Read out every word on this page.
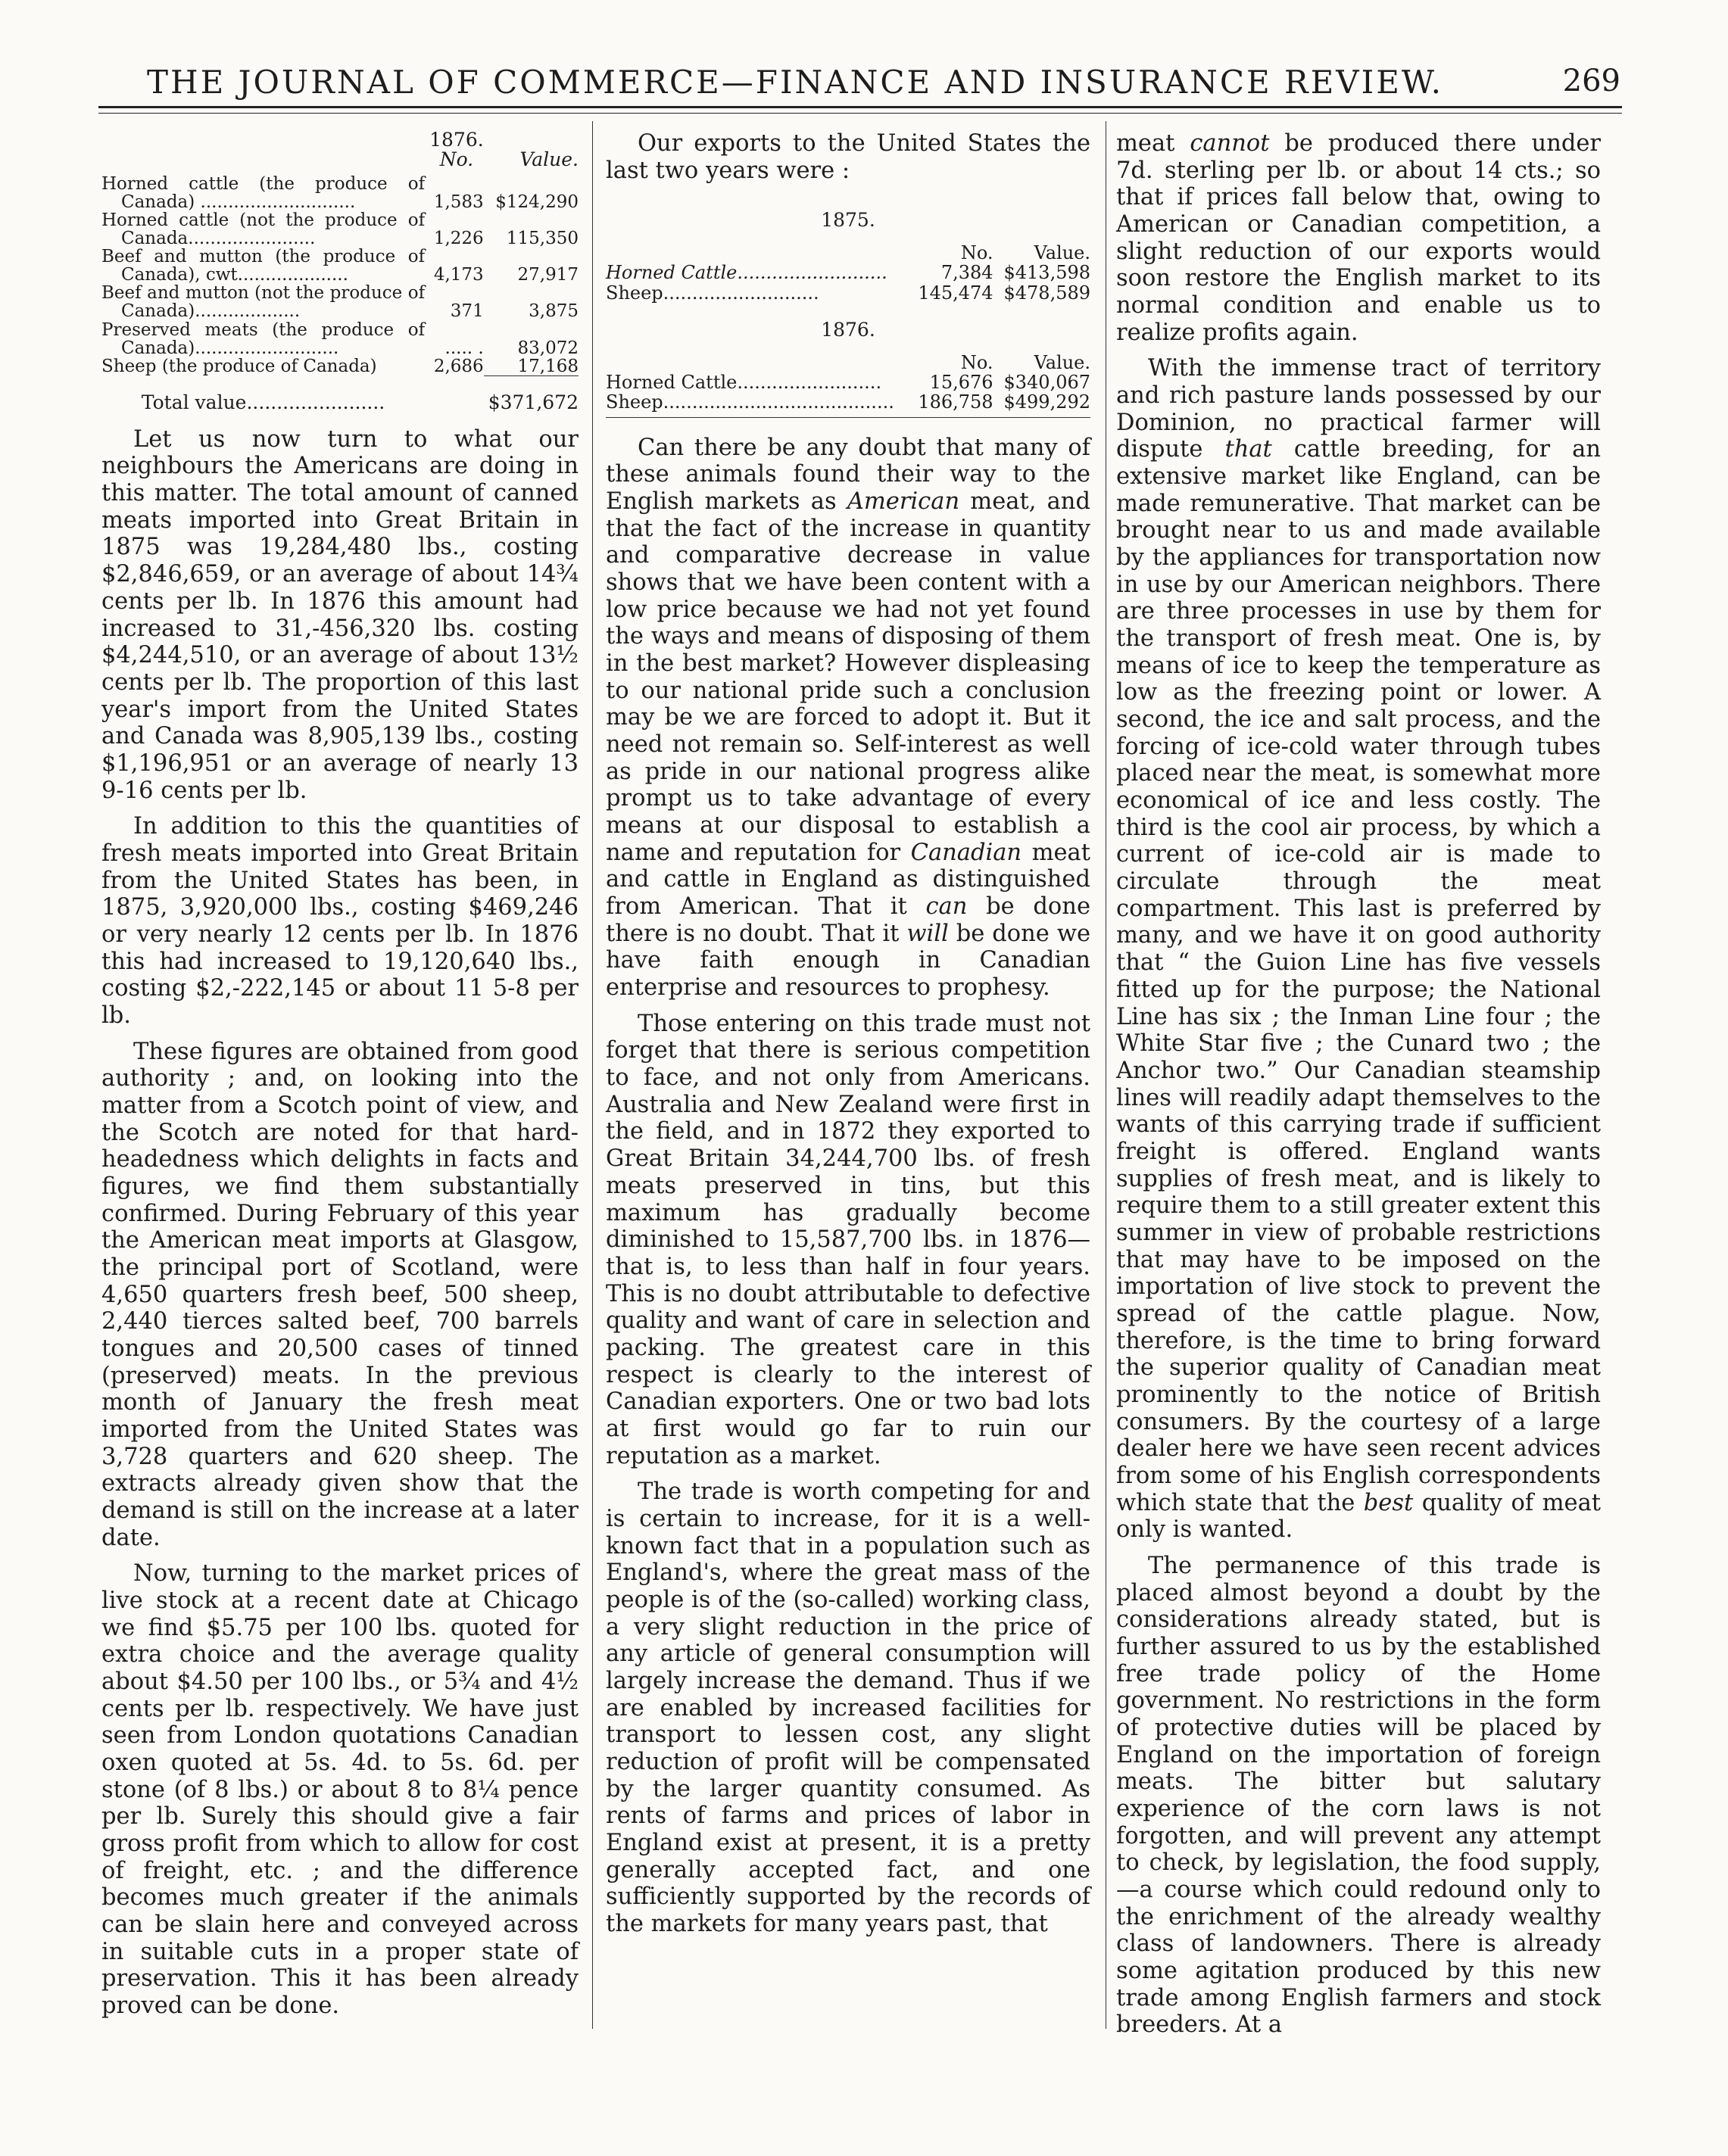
THE JOURNAL OF COMMERCE—FINANCE AND INSURANCE REVIEW.	269

	1876.
No.	Value.
Horned cattle (the produce of Canada) ............................	1,583	$124,290
Horned cattle (not the produce of Canada.......................	1,226	115,350
Beef and mutton (the produce of Canada), cwt....................	4,173	27,917
Beef and mutton (not the produce of Canada)...................	371	3,875
Preserved meats (the produce of Canada)..........................	..... .	83,072
Sheep (the produce of Canada)	2,686	17,168
Total value.......................		$371,672

Let us now turn to what our neighbours the Americans are doing in this matter. The total amount of canned meats imported into Great Britain in 1875 was 19,284,480 lbs., costing $2,846,659, or an average of about 14¾ cents per lb. In 1876 this amount had increased to 31,-456,320 lbs. costing $4,244,510, or an average of about 13½ cents per lb. The proportion of this last year's import from the United States and Canada was 8,905,139 lbs., costing $1,196,951 or an average of nearly 13 9-16 cents per lb.

In addition to this the quantities of fresh meats imported into Great Britain from the United States has been, in 1875, 3,920,000 lbs., costing $469,246 or very nearly 12 cents per lb. In 1876 this had increased to 19,120,640 lbs., costing $2,-222,145 or about 11 5-8 per lb.

These figures are obtained from good authority ; and, on looking into the matter from a Scotch point of view, and the Scotch are noted for that hard-headedness which delights in facts and figures, we find them substantially confirmed. During February of this year the American meat imports at Glasgow, the principal port of Scotland, were 4,650 quarters fresh beef, 500 sheep, 2,440 tierces salted beef, 700 barrels tongues and 20,500 cases of tinned (preserved) meats. In the previous month of January the fresh meat imported from the United States was 3,728 quarters and 620 sheep. The extracts already given show that the demand is still on the increase at a later date.

Now, turning to the market prices of live stock at a recent date at Chicago we find $5.75 per 100 lbs. quoted for extra choice and the average quality about $4.50 per 100 lbs., or 5¾ and 4½ cents per lb. respectively. We have just seen from London quotations Canadian oxen quoted at 5s. 4d. to 5s. 6d. per stone (of 8 lbs.) or about 8 to 8¼ pence per lb. Surely this should give a fair gross profit from which to allow for cost of freight, etc. ; and the difference becomes much greater if the animals can be slain here and conveyed across in suitable cuts in a proper state of preservation. This it has been already proved can be done.

Our exports to the United States the last two years were :

1875.		
	No.	Value.
Horned Cattle..........................	7,384	$413,598
Sheep...........................	145,474	$478,589
1876.		
	No.	Value.
Horned Cattle.........................	15,676	$340,067
Sheep........................................	186,758	$499,292

Can there be any doubt that many of these animals found their way to the English markets as American meat, and that the fact of the increase in quantity and comparative decrease in value shows that we have been content with a low price because we had not yet found the ways and means of disposing of them in the best market? However displeasing to our national pride such a conclusion may be we are forced to adopt it. But it need not remain so. Self-interest as well as pride in our national progress alike prompt us to take advantage of every means at our disposal to establish a name and reputation for Canadian meat and cattle in England as distinguished from American. That it can be done there is no doubt. That it will be done we have faith enough in Canadian enterprise and resources to prophesy.

Those entering on this trade must not forget that there is serious competition to face, and not only from Americans. Australia and New Zealand were first in the field, and in 1872 they exported to Great Britain 34,244,700 lbs. of fresh meats preserved in tins, but this maximum has gradually become diminished to 15,587,700 lbs. in 1876—that is, to less than half in four years. This is no doubt attributable to defective quality and want of care in selection and packing. The greatest care in this respect is clearly to the interest of Canadian exporters. One or two bad lots at first would go far to ruin our reputation as a market.

The trade is worth competing for and is certain to increase, for it is a well-known fact that in a population such as England's, where the great mass of the people is of the (so-called) working class, a very slight reduction in the price of any article of general consumption will largely increase the demand. Thus if we are enabled by increased facilities for transport to lessen cost, any slight reduction of profit will be compensated by the larger quantity consumed. As rents of farms and prices of labor in England exist at present, it is a pretty generally accepted fact, and one sufficiently supported by the records of the markets for many years past, that

meat cannot be produced there under 7d. sterling per lb. or about 14 cts.; so that if prices fall below that, owing to American or Canadian competition, a slight reduction of our exports would soon restore the English market to its normal condition and enable us to realize profits again.

With the immense tract of territory and rich pasture lands possessed by our Dominion, no practical farmer will dispute that cattle breeding, for an extensive market like England, can be made remunerative. That market can be brought near to us and made available by the appliances for transportation now in use by our American neighbors. There are three processes in use by them for the transport of fresh meat. One is, by means of ice to keep the temperature as low as the freezing point or lower. A second, the ice and salt process, and the forcing of ice-cold water through tubes placed near the meat, is somewhat more economical of ice and less costly. The third is the cool air process, by which a current of ice-cold air is made to circulate through the meat compartment. This last is preferred by many, and we have it on good authority that “ the Guion Line has five vessels fitted up for the purpose; the National Line has six ; the Inman Line four ; the White Star five ; the Cunard two ; the Anchor two.” Our Canadian steamship lines will readily adapt themselves to the wants of this carrying trade if sufficient freight is offered. England wants supplies of fresh meat, and is likely to require them to a still greater extent this summer in view of probable restrictions that may have to be imposed on the importation of live stock to prevent the spread of the cattle plague. Now, therefore, is the time to bring forward the superior quality of Canadian meat prominently to the notice of British consumers. By the courtesy of a large dealer here we have seen recent advices from some of his English correspondents which state that the best quality of meat only is wanted.

The permanence of this trade is placed almost beyond a doubt by the considerations already stated, but is further assured to us by the established free trade policy of the Home government. No restrictions in the form of protective duties will be placed by England on the importation of foreign meats. The bitter but salutary experience of the corn laws is not forgotten, and will prevent any attempt to check, by legislation, the food supply,—a course which could redound only to the enrichment of the already wealthy class of landowners. There is already some agitation produced by this new trade among English farmers and stock breeders. At a
